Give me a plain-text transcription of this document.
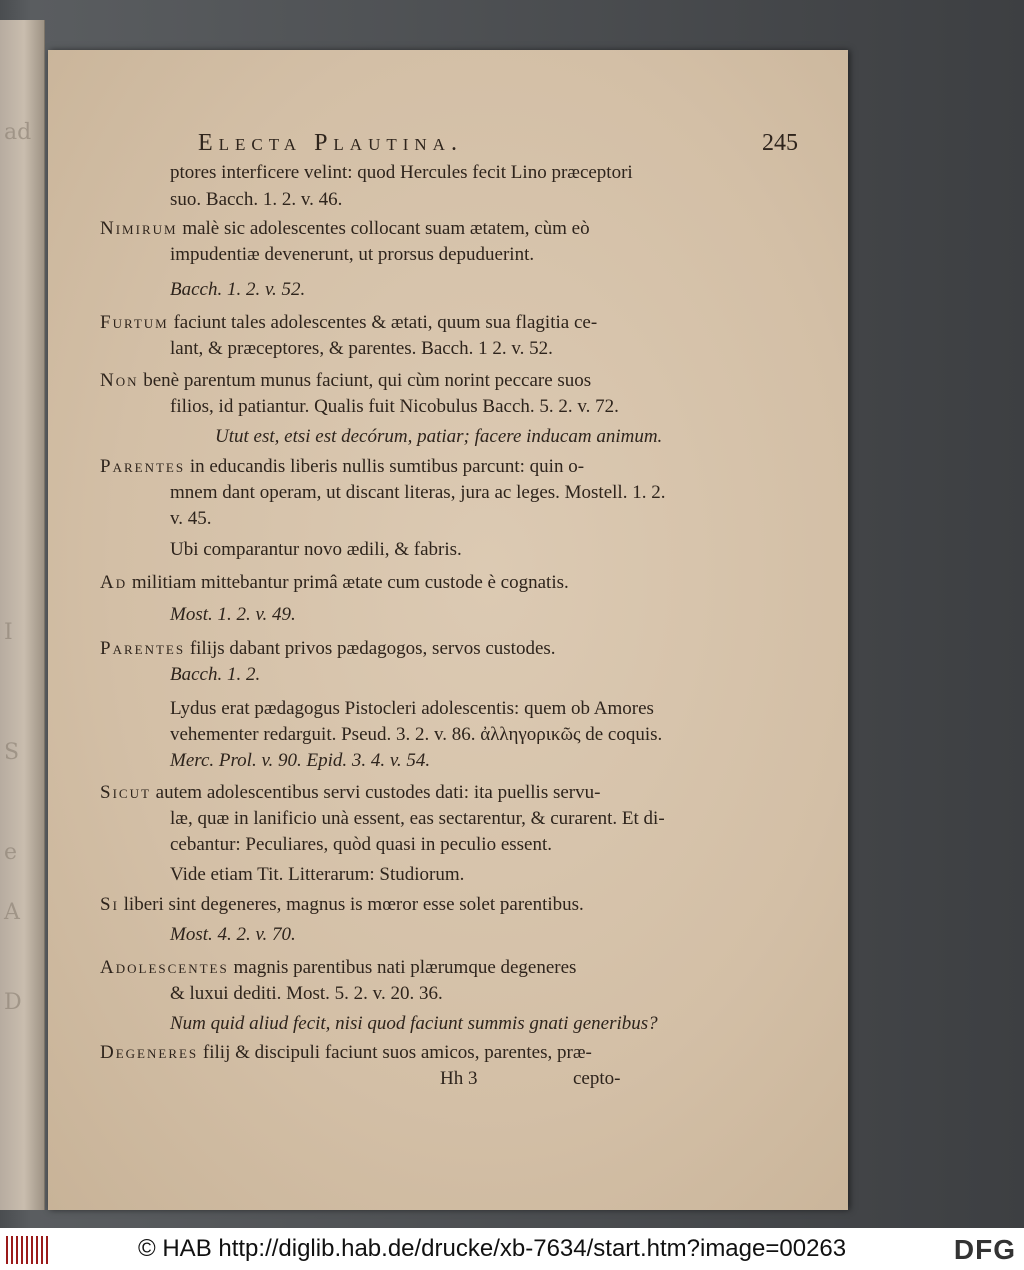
ad
I
S
e
A
D
Electa Plautina.	245
ptores interficere velint: quod Hercules fecit Lino præceptori
suo. Bacch. 1. 2. v. 46.
Nimirum malè sic adolescentes collocant suam ætatem, cùm eò
impudentiæ devenerunt, ut prorsus depuduerint.
Bacch. 1. 2. v. 52.
Furtum faciunt tales adolescentes & ætati, quum sua flagitia ce-
lant, & præceptores, & parentes. Bacch. 1 2. v. 52.
Non benè parentum munus faciunt, qui cùm norint peccare suos
filios, id patiantur. Qualis fuit Nicobulus Bacch. 5. 2. v. 72.
Utut est, etsi est decórum, patiar; facere inducam animum.
Parentes in educandis liberis nullis sumtibus parcunt: quin o-
mnem dant operam, ut discant literas, jura ac leges. Mostell. 1. 2.
v. 45.
Ubi comparantur novo ædili, & fabris.
Ad militiam mittebantur primâ ætate cum custode è cognatis.
Most. 1. 2. v. 49.
Parentes filijs dabant privos pædagogos, servos custodes.
Bacch. 1. 2.
Lydus erat pædagogus Pistocleri adolescentis: quem ob Amores
vehementer redarguit. Pseud. 3. 2. v. 86. ἀλληγορικῶς de coquis.
Merc. Prol. v. 90. Epid. 3. 4. v. 54.
Sicut autem adolescentibus servi custodes dati: ita puellis servu-
læ, quæ in lanificio unà essent, eas sectarentur, & curarent. Et di-
cebantur: Peculiares, quòd quasi in peculio essent.
Vide etiam Tit. Litterarum: Studiorum.
Si liberi sint degeneres, magnus is mœror esse solet parentibus.
Most. 4. 2. v. 70.
Adolescentes magnis parentibus nati plærumque degeneres
& luxui dediti. Most. 5. 2. v. 20. 36.
Num quid aliud fecit, nisi quod faciunt summis gnati generibus?
Degeneres filij & discipuli faciunt suos amicos, parentes, præ-
Hh 3	cepto-
© HAB http://diglib.hab.de/drucke/xb-7634/start.htm?image=00263	DFG
